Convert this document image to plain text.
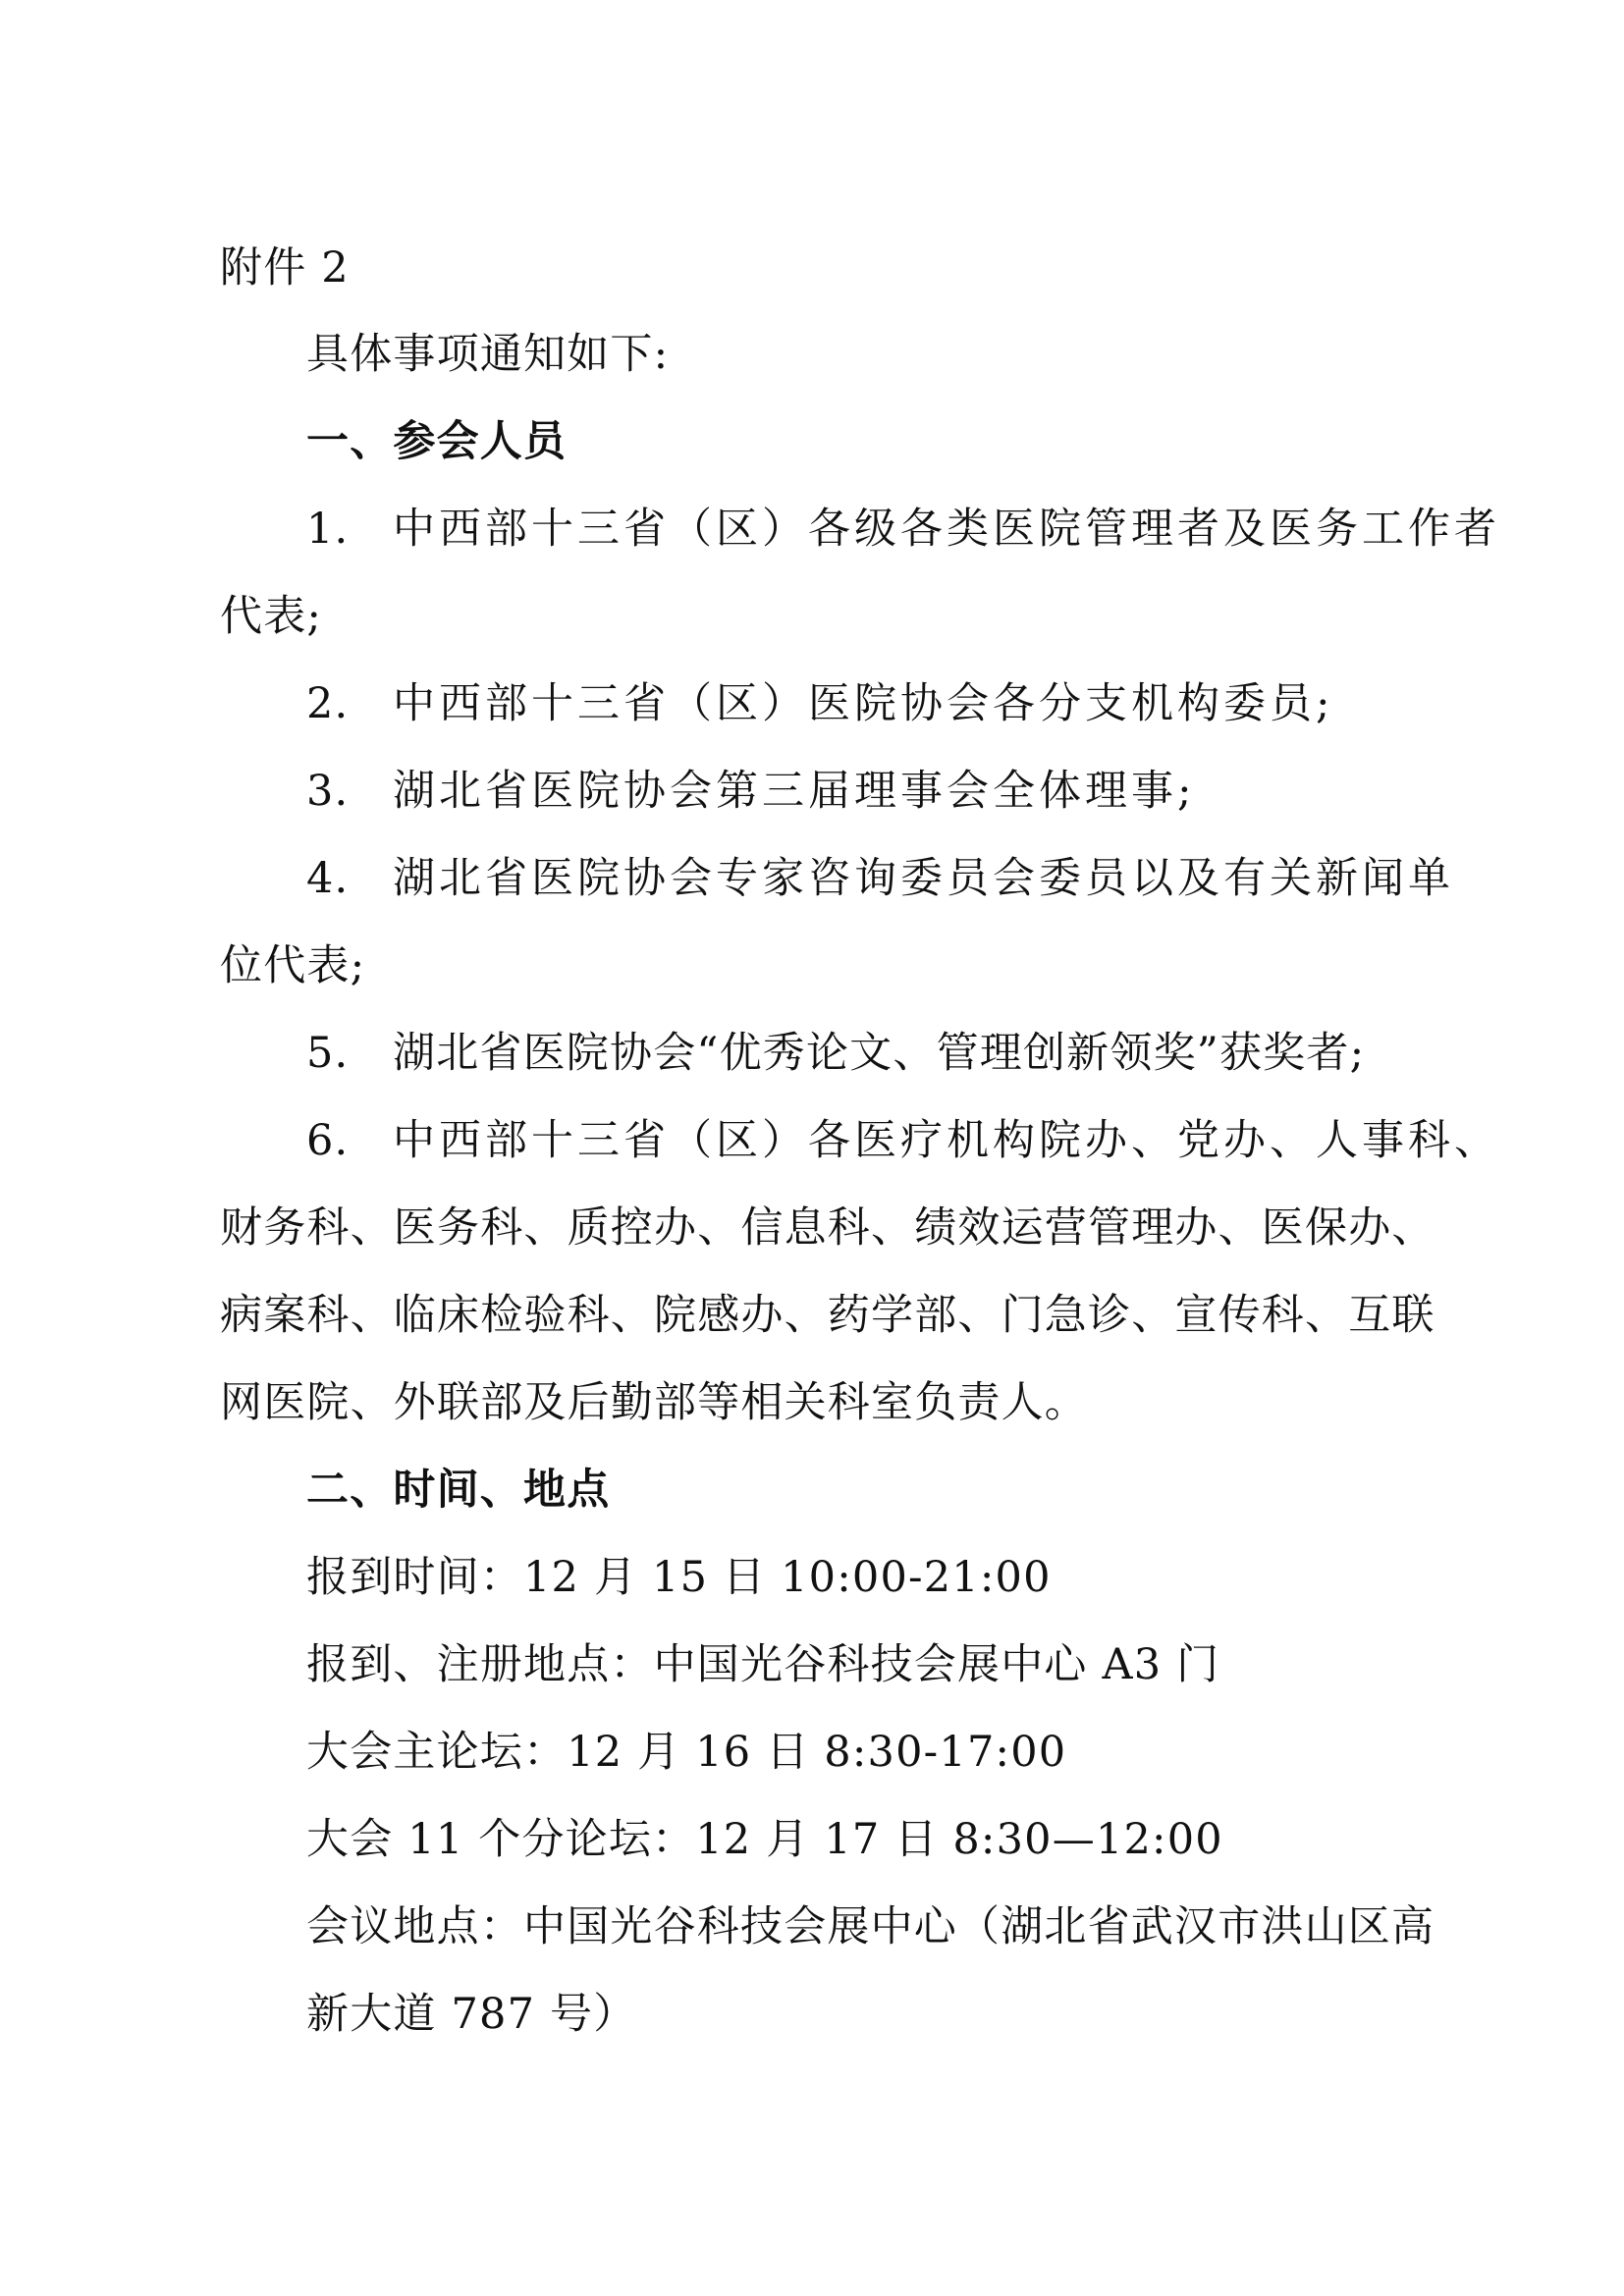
附件 2
具体事项通知如下:
一、参会人员
1. 中西部十三省（区）各级各类医院管理者及医务工作者
代表;
2. 中西部十三省（区）医院协会各分支机构委员;
3. 湖北省医院协会第三届理事会全体理事;
4. 湖北省医院协会专家咨询委员会委员以及有关新闻单
位代表;
5. 湖北省医院协会“优秀论文、管理创新领奖”获奖者;
6. 中西部十三省（区）各医疗机构院办、党办、人事科、
财务科、医务科、质控办、信息科、绩效运营管理办、医保办、
病案科、临床检验科、院感办、药学部、门急诊、宣传科、互联
网医院、外联部及后勤部等相关科室负责人。
二、时间、地点
报到时间：12 月 15 日 10:00-21:00
报到、注册地点：中国光谷科技会展中心 A3 门
大会主论坛：12 月 16 日 8:30-17:00
大会 11 个分论坛：12 月 17 日 8:30—12:00
会议地点：中国光谷科技会展中心（湖北省武汉市洪山区高
新大道 787 号）
